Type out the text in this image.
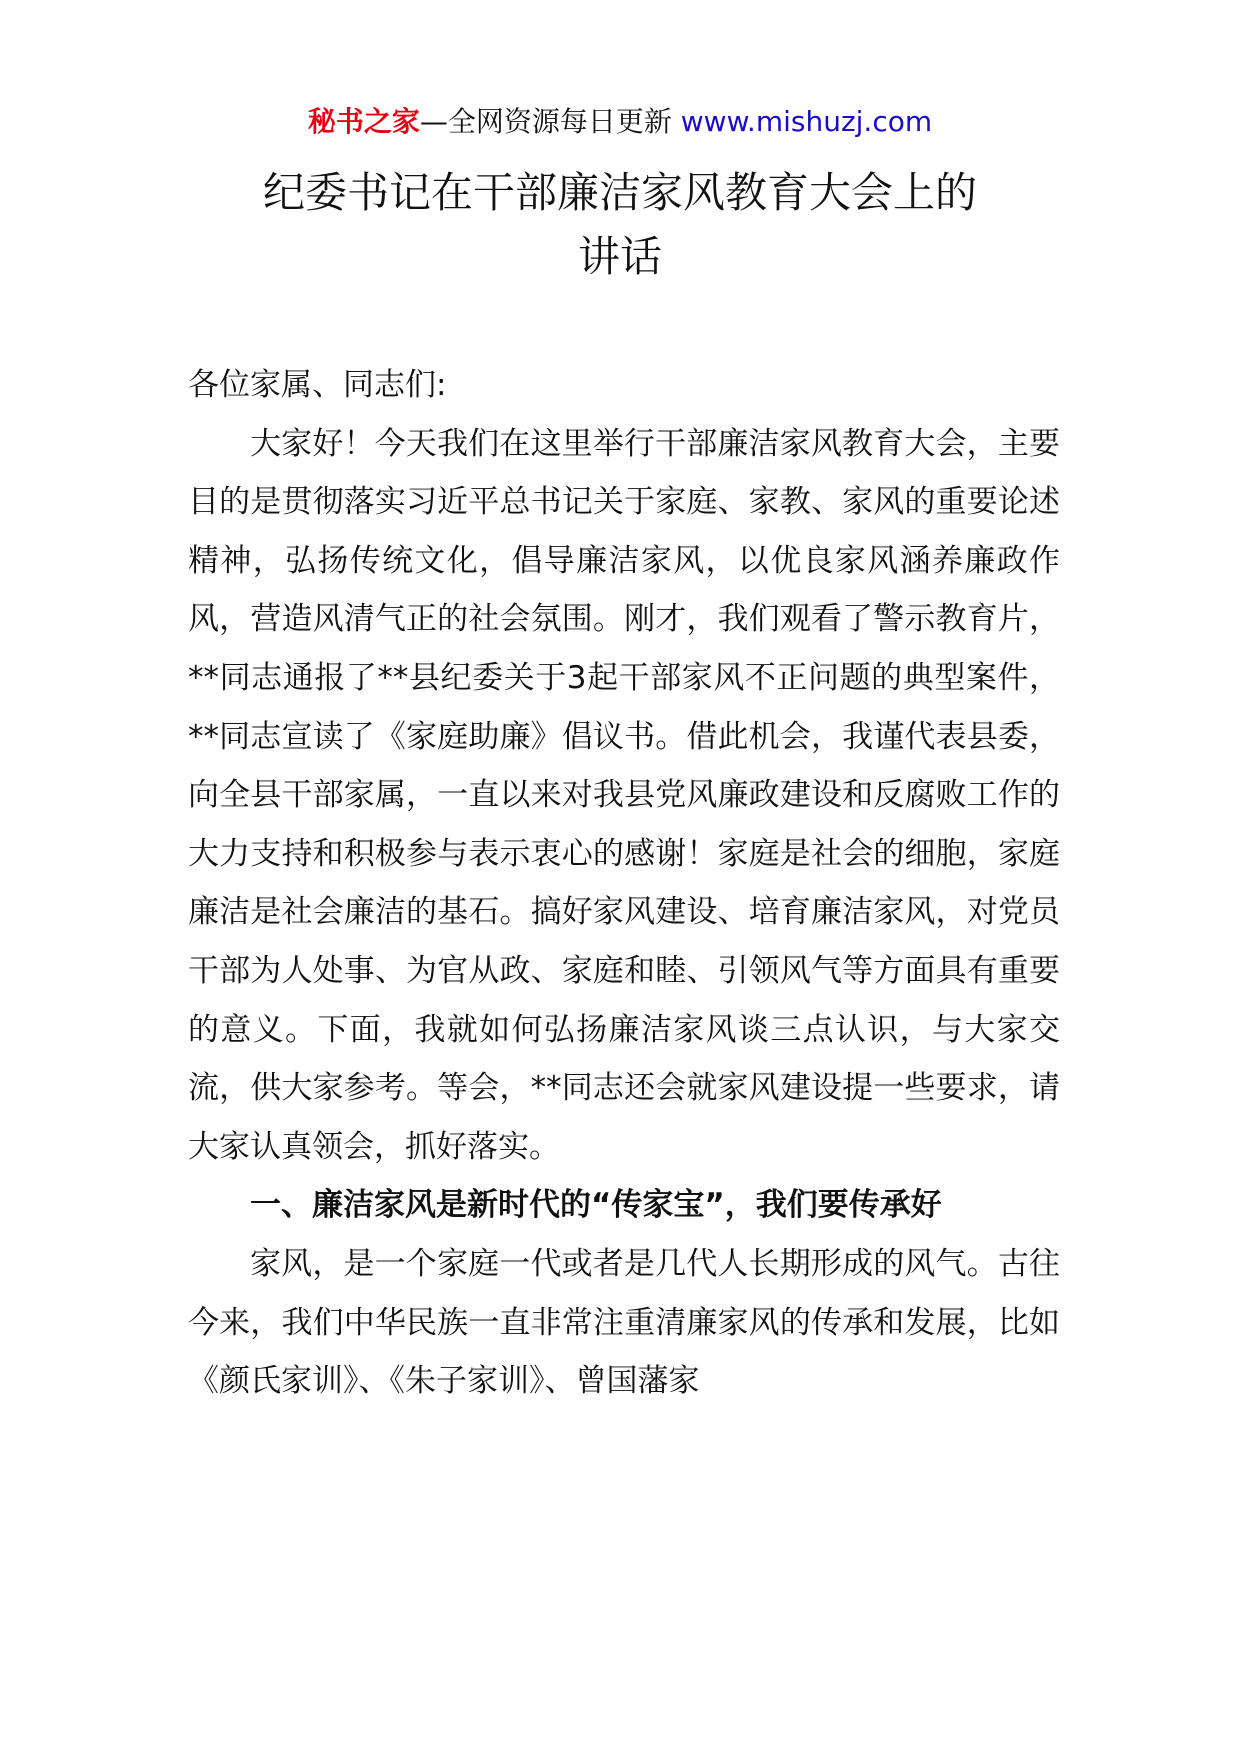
秘书之家—全网资源每日更新 www.mishuzj.com
纪委书记在干部廉洁家风教育大会上的
讲话

各位家属、同志们:

大家好！今天我们在这里举行干部廉洁家风教育大会，主要目的是贯彻落实习近平总书记关于家庭、家教、家风的重要论述精神，弘扬传统文化，倡导廉洁家风，以优良家风涵养廉政作风，营造风清气正的社会氛围。刚才，我们观看了警示教育片，**同志通报了**县纪委关于3起干部家风不正问题的典型案件，**同志宣读了《家庭助廉》倡议书。借此机会，我谨代表县委，向全县干部家属，一直以来对我县党风廉政建设和反腐败工作的大力支持和积极参与表示衷心的感谢！家庭是社会的细胞，家庭廉洁是社会廉洁的基石。搞好家风建设、培育廉洁家风，对党员干部为人处事、为官从政、家庭和睦、引领风气等方面具有重要的意义。下面，我就如何弘扬廉洁家风谈三点认识，与大家交流，供大家参考。等会，**同志还会就家风建设提一些要求，请大家认真领会，抓好落实。

一、廉洁家风是新时代的“传家宝”，我们要传承好

家风，是一个家庭一代或者是几代人长期形成的风气。古往今来，我们中华民族一直非常注重清廉家风的传承和发展，比如《颜氏家训》、《朱子家训》、曾国藩家
